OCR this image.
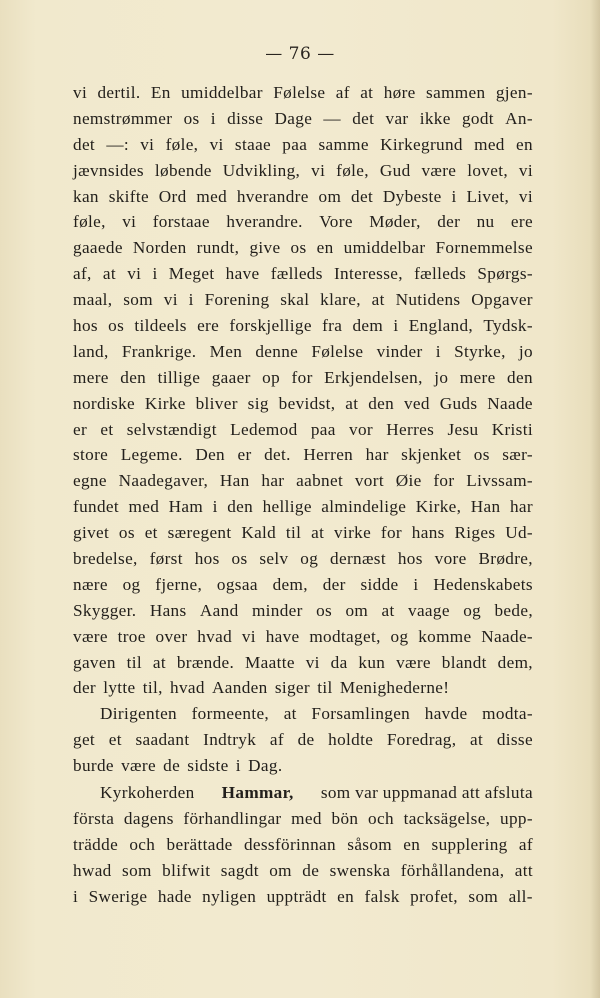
— 76 —
vi dertil. En umiddelbar Følelse af at høre sammen gjen-
nemstrømmer os i disse Dage — det var ikke godt An-
det —: vi føle, vi staae paa samme Kirkegrund med en
jævnsides løbende Udvikling, vi føle, Gud være lovet, vi
kan skifte Ord med hverandre om det Dybeste i Livet, vi
føle, vi forstaae hverandre. Vore Møder, der nu ere
gaaede Norden rundt, give os en umiddelbar Fornemmelse
af, at vi i Meget have fælleds Interesse, fælleds Spørgs-
maal, som vi i Forening skal klare, at Nutidens Opgaver
hos os tildeels ere forskjellige fra dem i England, Tydsk-
land, Frankrige. Men denne Følelse vinder i Styrke, jo
mere den tillige gaaer op for Erkjendelsen, jo mere den
nordiske Kirke bliver sig bevidst, at den ved Guds Naade
er et selvstændigt Ledemod paa vor Herres Jesu Kristi
store Legeme. Den er det. Herren har skjenket os sær-
egne Naadegaver, Han har aabnet vort Øie for Livssam-
fundet med Ham i den hellige almindelige Kirke, Han har
givet os et særegent Kald til at virke for hans Riges Ud-
bredelse, først hos os selv og dernæst hos vore Brødre,
nære og fjerne, ogsaa dem, der sidde i Hedenskabets
Skygger. Hans Aand minder os om at vaage og bede,
være troe over hvad vi have modtaget, og komme Naade-
gaven til at brænde. Maatte vi da kun være blandt dem,
der lytte til, hvad Aanden siger til Menighederne!
Dirigenten formeente, at Forsamlingen havde modta-
get et saadant Indtryk af de holdte Foredrag, at disse
burde være de sidste i Dag.
Kyrkoherden Hammar, som var uppmanad att afsluta
första dagens förhandlingar med bön och tacksägelse, upp-
trädde och berättade dessförinnan såsom en supplering af
hwad som blifwit sagdt om de swenska förhållandena, att
i Swerige hade nyligen uppträdt en falsk profet, som all-
